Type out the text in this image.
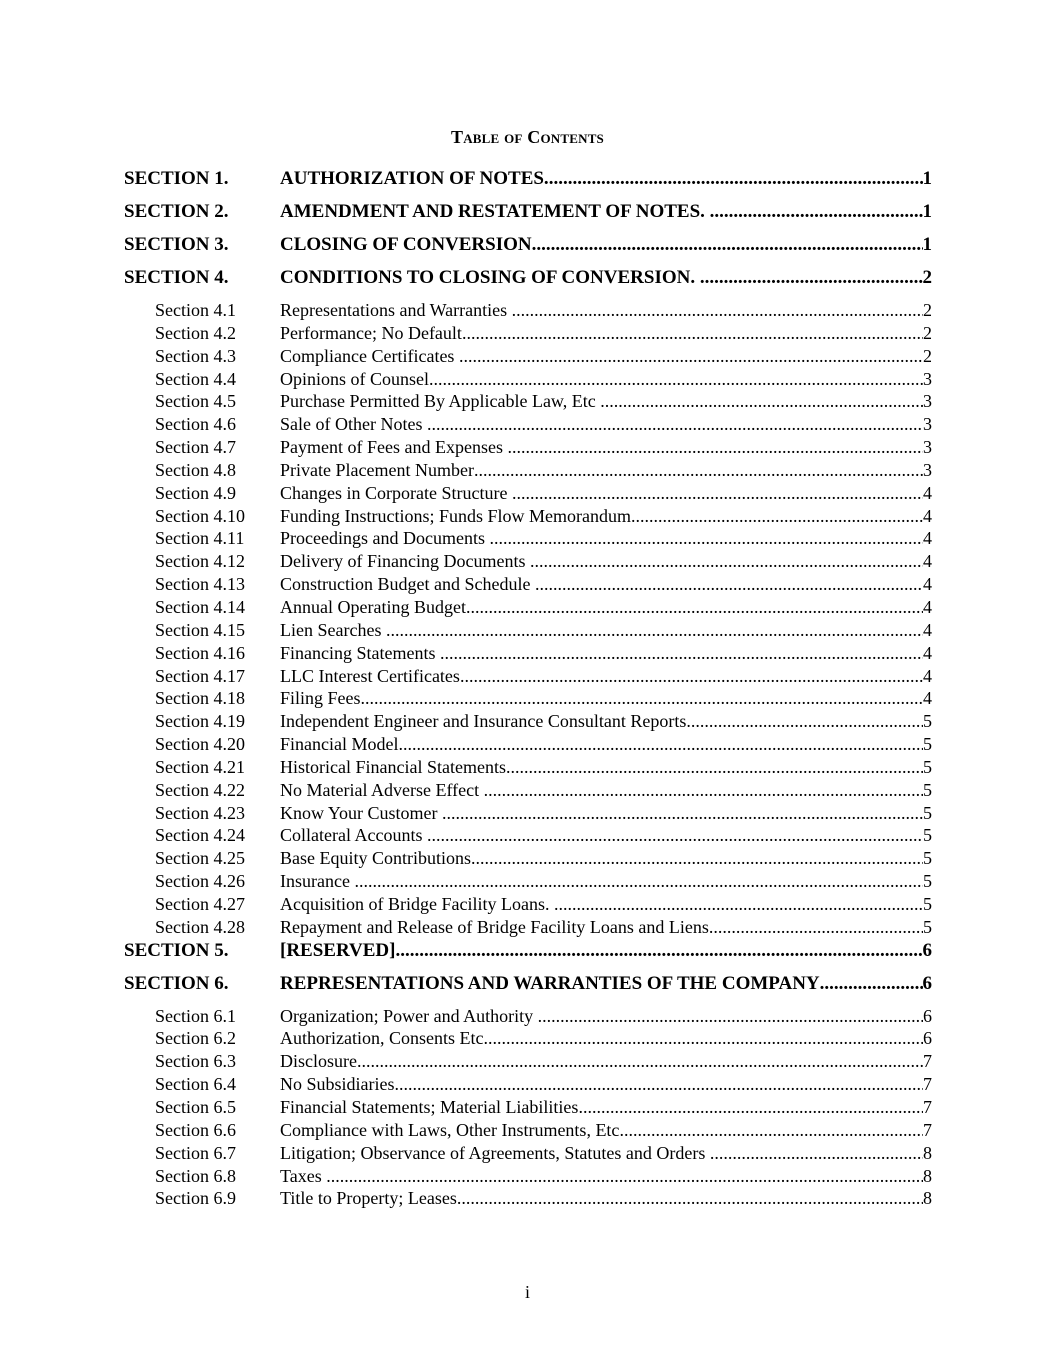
Table of Contents
SECTION 1.	AUTHORIZATION OF NOTES. .....	1
SECTION 2.	AMENDMENT AND RESTATEMENT OF NOTES. .....	1
SECTION 3.	CLOSING OF CONVERSION. .....	1
SECTION 4.	CONDITIONS TO CLOSING OF CONVERSION. .....	2
Section 4.1	Representations and Warranties .....	2
Section 4.2	Performance; No Default .....	2
Section 4.3	Compliance Certificates .....	2
Section 4.4	Opinions of Counsel .....	3
Section 4.5	Purchase Permitted By Applicable Law, Etc .....	3
Section 4.6	Sale of Other Notes .....	3
Section 4.7	Payment of Fees and Expenses .....	3
Section 4.8	Private Placement Number .....	3
Section 4.9	Changes in Corporate Structure .....	4
Section 4.10	Funding Instructions; Funds Flow Memorandum .....	4
Section 4.11	Proceedings and Documents .....	4
Section 4.12	Delivery of Financing Documents .....	4
Section 4.13	Construction Budget and Schedule .....	4
Section 4.14	Annual Operating Budget .....	4
Section 4.15	Lien Searches .....	4
Section 4.16	Financing Statements .....	4
Section 4.17	LLC Interest Certificates .....	4
Section 4.18	Filing Fees .....	4
Section 4.19	Independent Engineer and Insurance Consultant Reports .....	5
Section 4.20	Financial Model .....	5
Section 4.21	Historical Financial Statements .....	5
Section 4.22	No Material Adverse Effect .....	5
Section 4.23	Know Your Customer .....	5
Section 4.24	Collateral Accounts .....	5
Section 4.25	Base Equity Contributions .....	5
Section 4.26	Insurance .....	5
Section 4.27	Acquisition of Bridge Facility Loans. .....	5
Section 4.28	Repayment and Release of Bridge Facility Loans and Liens. .....	5
SECTION 5.	[RESERVED] .....	6
SECTION 6.	REPRESENTATIONS AND WARRANTIES OF THE COMPANY .....	6
Section 6.1	Organization; Power and Authority .....	6
Section 6.2	Authorization, Consents Etc .....	6
Section 6.3	Disclosure .....	7
Section 6.4	No Subsidiaries .....	7
Section 6.5	Financial Statements; Material Liabilities .....	7
Section 6.6	Compliance with Laws, Other Instruments, Etc .....	7
Section 6.7	Litigation; Observance of Agreements, Statutes and Orders .....	8
Section 6.8	Taxes .....	8
Section 6.9	Title to Property; Leases .....	8
i
